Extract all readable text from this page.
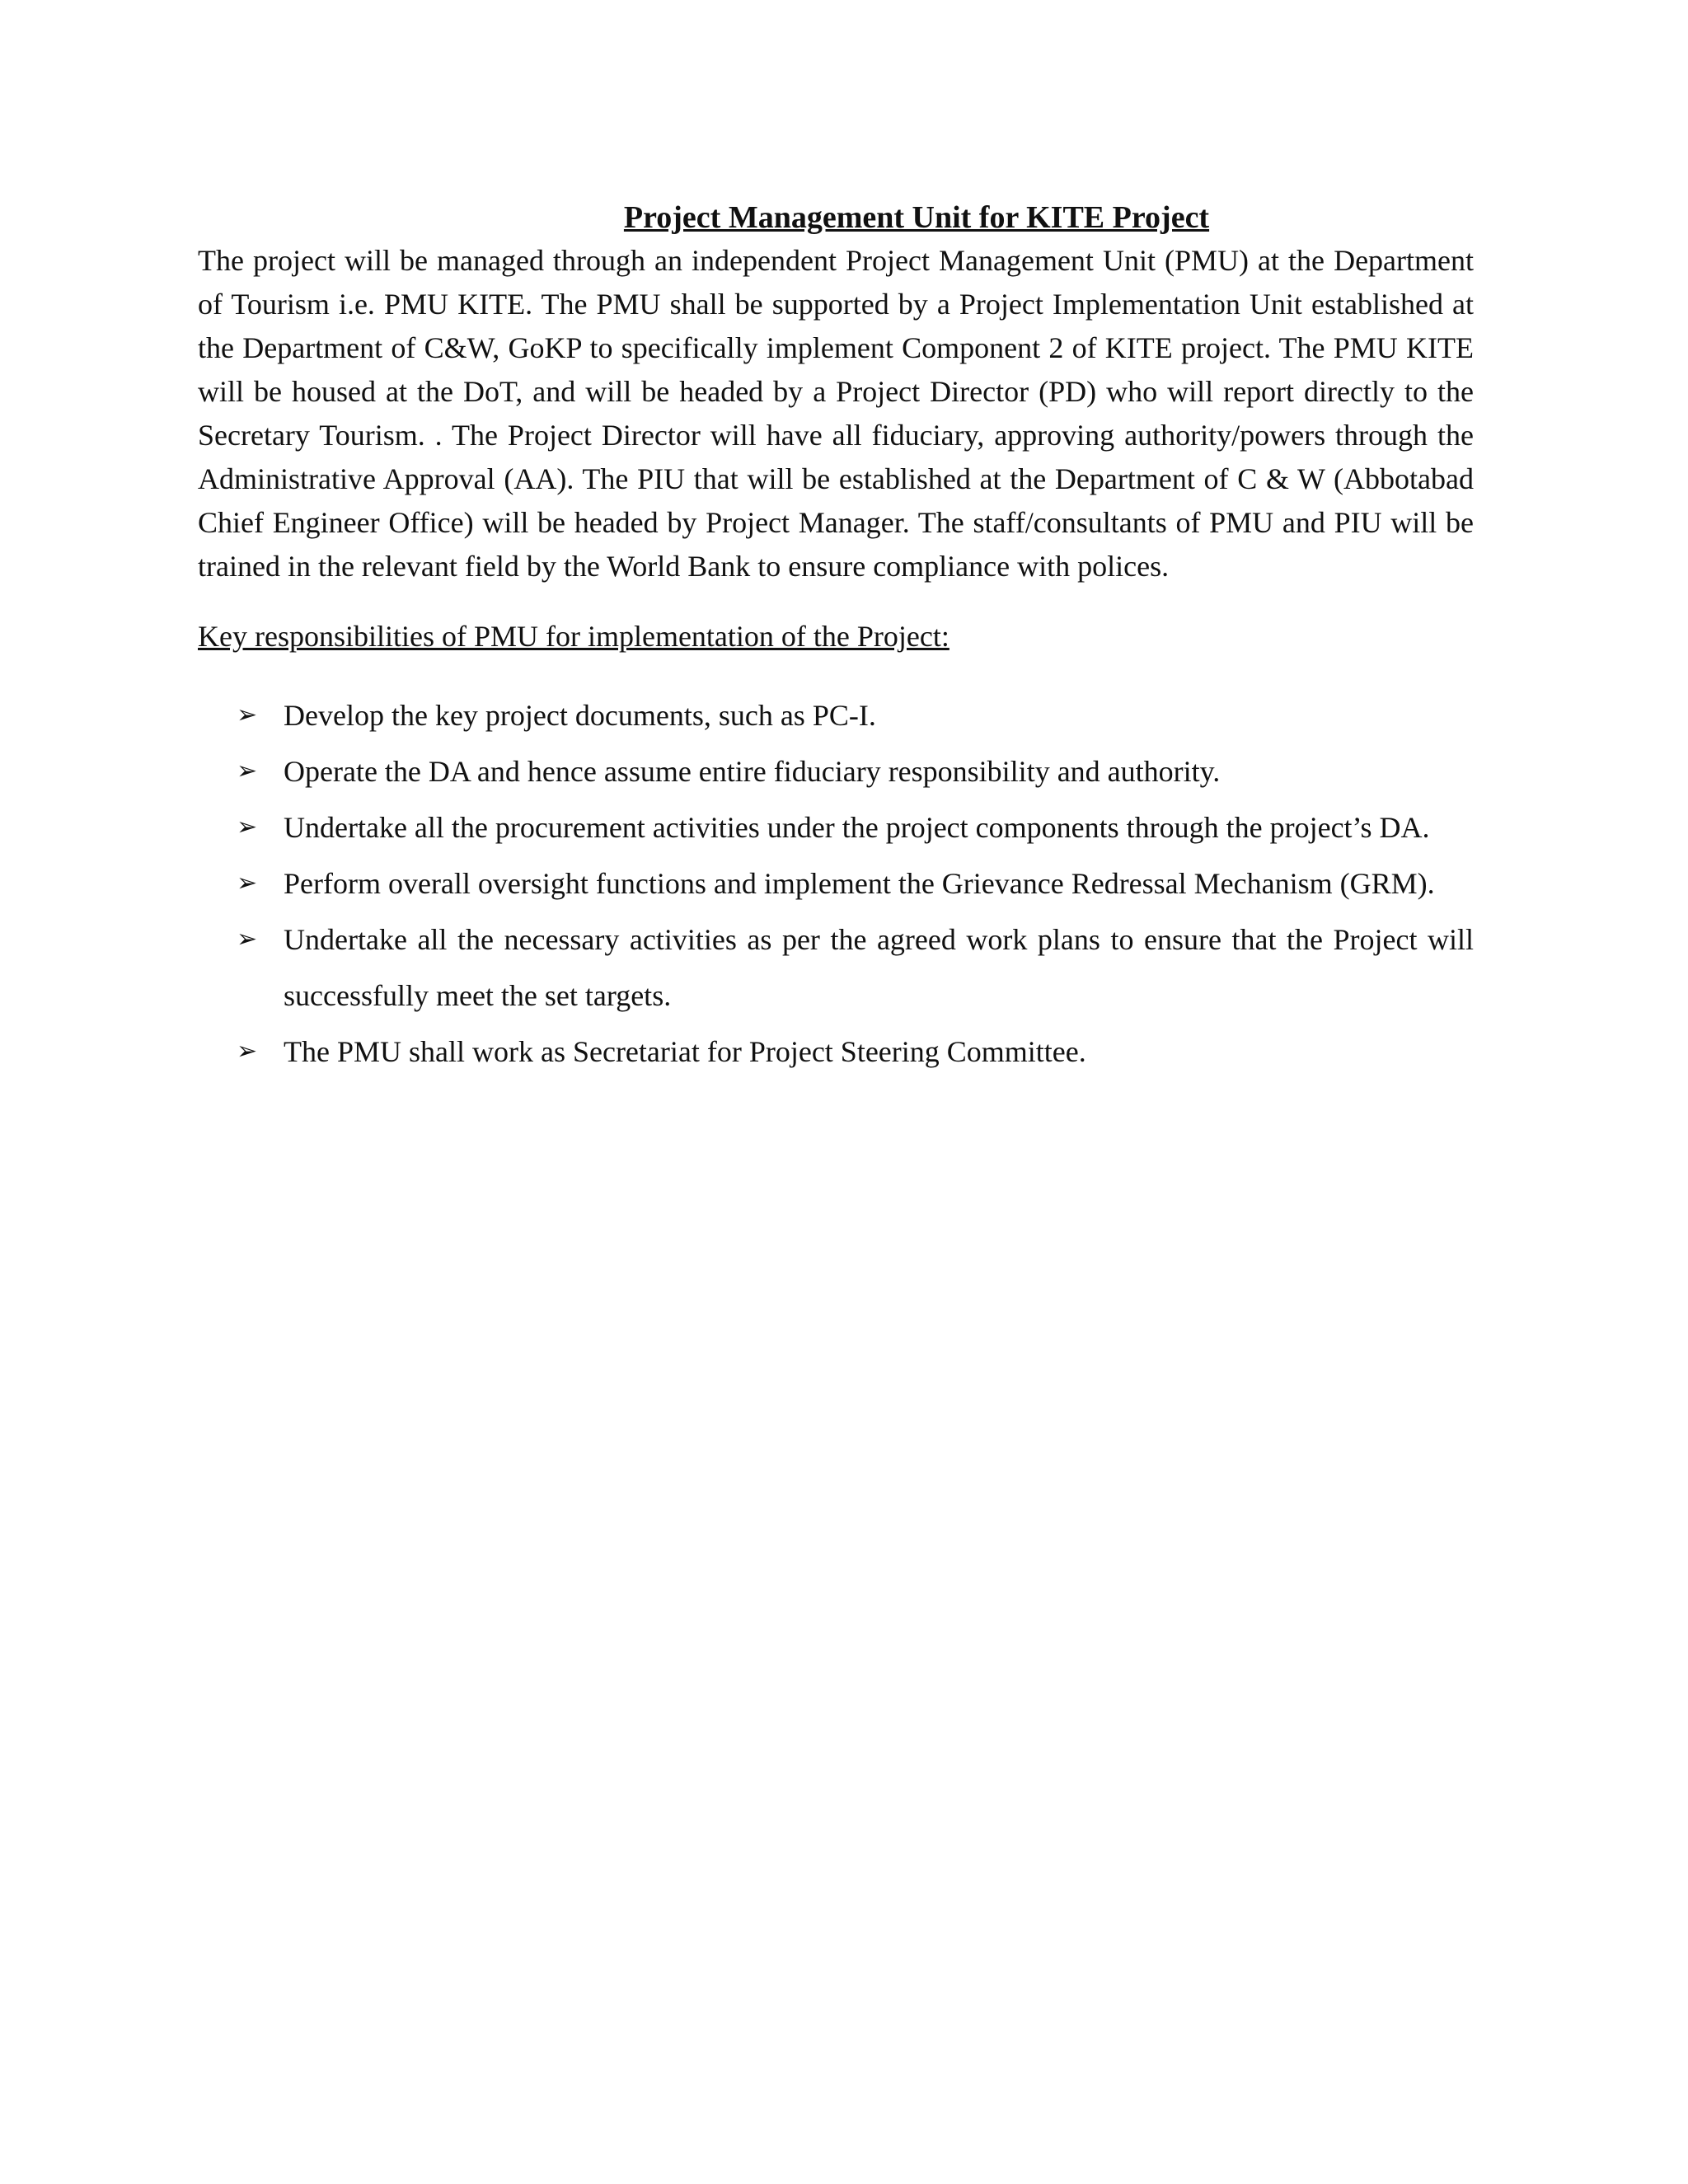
Project Management Unit for KITE Project

The project will be managed through an independent Project Management Unit (PMU) at the Department of Tourism i.e. PMU KITE. The PMU shall be supported by a Project Implementation Unit established at the Department of C&W, GoKP to specifically implement Component 2 of KITE project. The PMU KITE will be housed at the DoT, and will be headed by a Project Director (PD) who will report directly to the Secretary Tourism. . The Project Director will have all fiduciary, approving authority/powers through the Administrative Approval (AA). The PIU that will be established at the Department of C & W (Abbotabad Chief Engineer Office) will be headed by Project Manager. The staff/consultants of PMU and PIU will be trained in the relevant field by the World Bank to ensure compliance with polices.

Key responsibilities of PMU for implementation of the Project:

➢ Develop the key project documents, such as PC-I.
➢ Operate the DA and hence assume entire fiduciary responsibility and authority.
➢ Undertake all the procurement activities under the project components through the project’s DA.
➢ Perform overall oversight functions and implement the Grievance Redressal Mechanism (GRM).
➢ Undertake all the necessary activities as per the agreed work plans to ensure that the Project will successfully meet the set targets.
➢ The PMU shall work as Secretariat for Project Steering Committee.
